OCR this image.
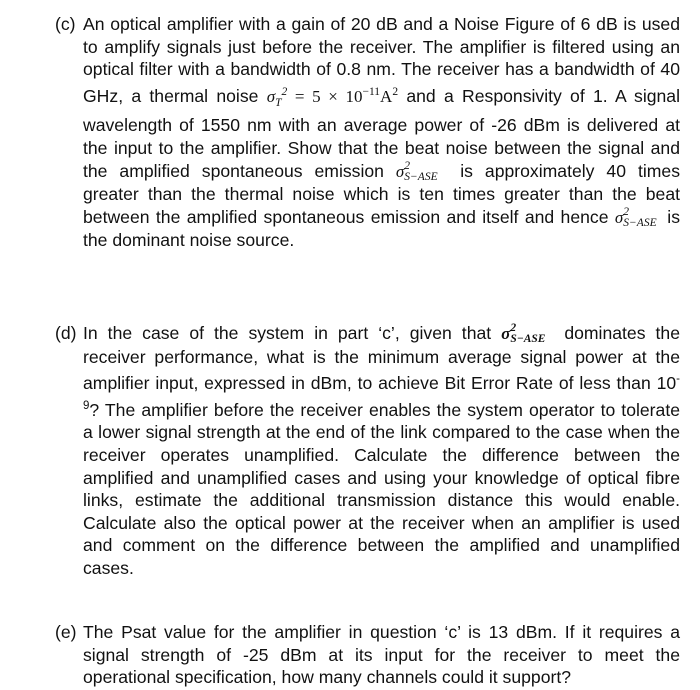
(c) An optical amplifier with a gain of 20 dB and a Noise Figure of 6 dB is used to amplify signals just before the receiver. The amplifier is filtered using an optical filter with a bandwidth of 0.8 nm. The receiver has a bandwidth of 40 GHz, a thermal noise $\sigma_T^2 = 5 \times 10^{-11}A^2$ and a Responsivity of 1. A signal wavelength of 1550 nm with an average power of -26 dBm is delivered at the input to the amplifier. Show that the beat noise between the signal and the amplified spontaneous emission σ 2
S−ASE is approximately 40 times greater than the thermal noise which is ten times greater than the beat between the amplified spontaneous emission and itself and hence σ 2
S−ASE is the dominant noise source.
(d) In the case of the system in part ‘c’, given that σ 2
S−ASE dominates the receiver performance, what is the minimum average signal power at the amplifier input, expressed in dBm, to achieve Bit Error Rate of less than $10^{-9}$? The amplifier before the receiver enables the system operator to tolerate a lower signal strength at the end of the link compared to the case when the receiver operates unamplified. Calculate the difference between the amplified and unamplified cases and using your knowledge of optical fibre links, estimate the additional transmission distance this would enable. Calculate also the optical power at the receiver when an amplifier is used and comment on the difference between the amplified and unamplified cases.
(e) The Psat value for the amplifier in question ‘c’ is 13 dBm. If it requires a signal strength of -25 dBm at its input for the receiver to meet the operational specification, how many channels could it support?
